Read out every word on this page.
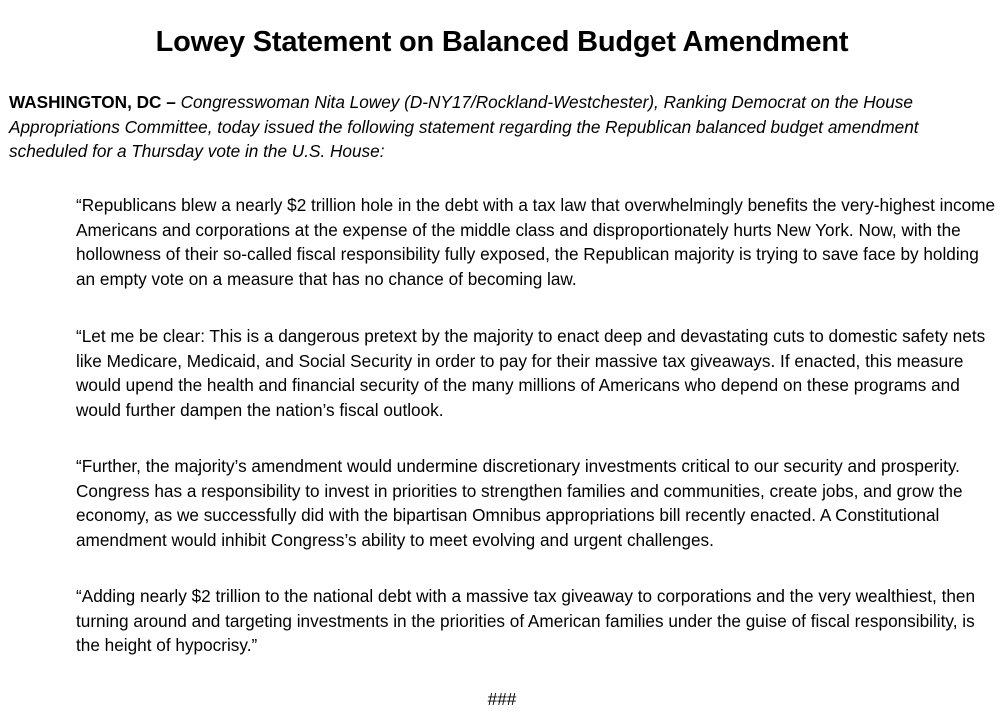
Lowey Statement on Balanced Budget Amendment
WASHINGTON, DC – Congresswoman Nita Lowey (D-NY17/Rockland-Westchester), Ranking Democrat on the House Appropriations Committee, today issued the following statement regarding the Republican balanced budget amendment scheduled for a Thursday vote in the U.S. House:
“Republicans blew a nearly $2 trillion hole in the debt with a tax law that overwhelmingly benefits the very-highest income Americans and corporations at the expense of the middle class and disproportionately hurts New York. Now, with the hollowness of their so-called fiscal responsibility fully exposed, the Republican majority is trying to save face by holding an empty vote on a measure that has no chance of becoming law.
“Let me be clear: This is a dangerous pretext by the majority to enact deep and devastating cuts to domestic safety nets like Medicare, Medicaid, and Social Security in order to pay for their massive tax giveaways. If enacted, this measure would upend the health and financial security of the many millions of Americans who depend on these programs and would further dampen the nation’s fiscal outlook.
“Further, the majority’s amendment would undermine discretionary investments critical to our security and prosperity. Congress has a responsibility to invest in priorities to strengthen families and communities, create jobs, and grow the economy, as we successfully did with the bipartisan Omnibus appropriations bill recently enacted. A Constitutional amendment would inhibit Congress’s ability to meet evolving and urgent challenges.
“Adding nearly $2 trillion to the national debt with a massive tax giveaway to corporations and the very wealthiest, then turning around and targeting investments in the priorities of American families under the guise of fiscal responsibility, is the height of hypocrisy.”
###
